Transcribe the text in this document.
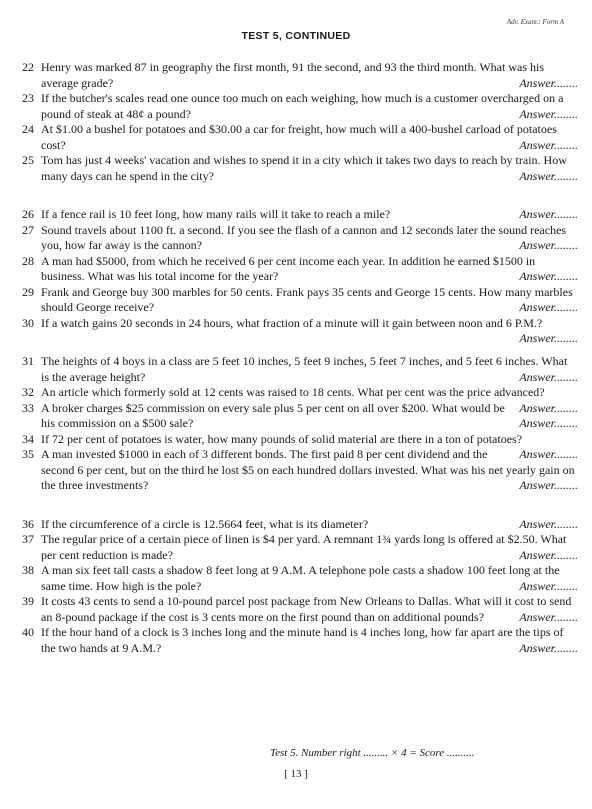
Adv. Exam.: Form A
TEST 5, CONTINUED
22 Henry was marked 87 in geography the first month, 91 the second, and 93 the third month. What was his average grade?	Answer........
23 If the butcher's scales read one ounce too much on each weighing, how much is a customer overcharged on a pound of steak at 48¢ a pound?	Answer........
24 At $1.00 a bushel for potatoes and $30.00 a car for freight, how much will a 400-bushel carload of potatoes cost?	Answer........
25 Tom has just 4 weeks' vacation and wishes to spend it in a city which it takes two days to reach by train. How many days can he spend in the city?	Answer........
26 If a fence rail is 10 feet long, how many rails will it take to reach a mile?	Answer........
27 Sound travels about 1100 ft. a second. If you see the flash of a cannon and 12 seconds later the sound reaches you, how far away is the cannon?	Answer........
28 A man had $5000, from which he received 6 per cent income each year. In addition he earned $1500 in business. What was his total income for the year?	Answer........
29 Frank and George buy 300 marbles for 50 cents. Frank pays 35 cents and George 15 cents. How many marbles should George receive?	Answer........
30 If a watch gains 20 seconds in 24 hours, what fraction of a minute will it gain between noon and 6 P.M.?
Answer........
31 The heights of 4 boys in a class are 5 feet 10 inches, 5 feet 9 inches, 5 feet 7 inches, and 5 feet 6 inches. What is the average height?	Answer........
32 An article which formerly sold at 12 cents was raised to 18 cents. What per cent was the price advanced?
Answer........
33 A broker charges $25 commission on every sale plus 5 per cent on all over $200. What would be his commission on a $500 sale?	Answer........
34 If 72 per cent of potatoes is water, how many pounds of solid material are there in a ton of potatoes?
Answer........
35 A man invested $1000 in each of 3 different bonds. The first paid 8 per cent dividend and the second 6 per cent, but on the third he lost $5 on each hundred dollars invested. What was his net yearly gain on the three investments?	Answer........
36 If the circumference of a circle is 12.5664 feet, what is its diameter?	Answer........
37 The regular price of a certain piece of linen is $4 per yard. A remnant 1¾ yards long is offered at $2.50. What per cent reduction is made?	Answer........
38 A man six feet tall casts a shadow 8 feet long at 9 A.M. A telephone pole casts a shadow 100 feet long at the same time. How high is the pole?	Answer........
39 It costs 43 cents to send a 10-pound parcel post package from New Orleans to Dallas. What will it cost to send an 8-pound package if the cost is 3 cents more on the first pound than on additional pounds?	Answer........
40 If the hour hand of a clock is 3 inches long and the minute hand is 4 inches long, how far apart are the tips of the two hands at 9 A.M.?	Answer........
Test 5. Number right ......... × 4 = Score ..........
[ 13 ]
